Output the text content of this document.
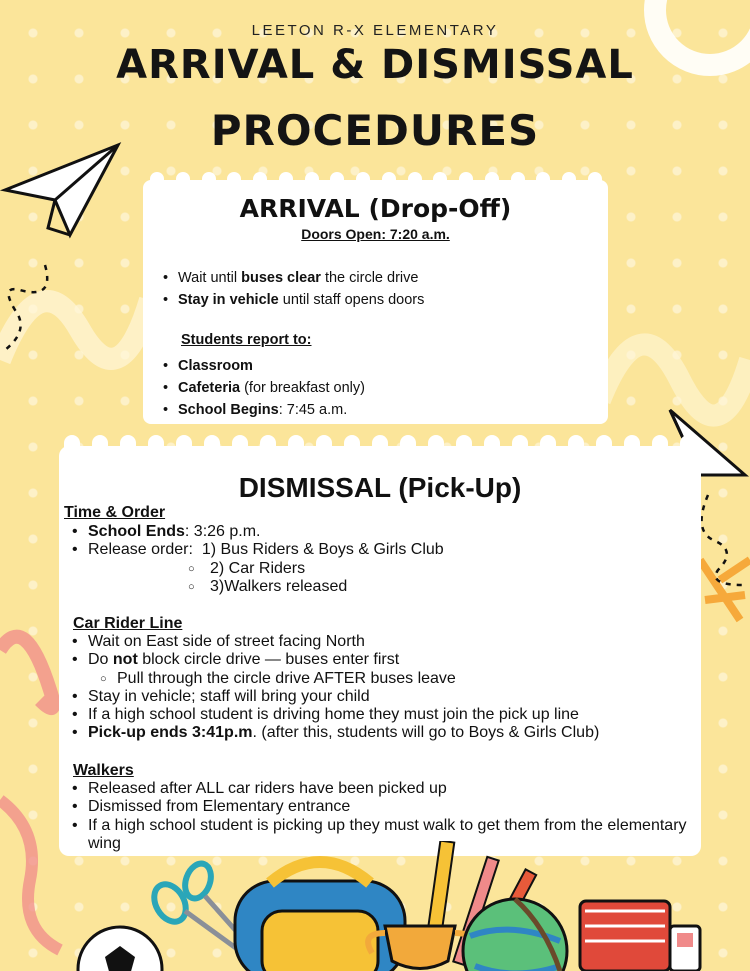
LEETON R-X ELEMENTARY
ARRIVAL & DISMISSAL
PROCEDURES
ARRIVAL (Drop-Off)
Doors Open: 7:20 a.m.
• Wait until buses clear the circle drive
• Stay in vehicle until staff opens doors
Students report to:
• Classroom
• Cafeteria (for breakfast only)
• School Begins: 7:45 a.m.
DISMISSAL (Pick-Up)
Time & Order
• School Ends: 3:26 p.m.
• Release order:  1) Bus Riders & Boys & Girls Club
○ 2) Car Riders
○ 3)Walkers released
Car Rider Line
• Wait on East side of street facing North
• Do not block circle drive — buses enter first
○ Pull through the circle drive AFTER buses leave
• Stay in vehicle; staff will bring your child
• If a high school student is driving home they must join the pick up line
• Pick-up ends 3:41p.m. (after this, students will go to Boys & Girls Club)
Walkers
• Released after ALL car riders have been picked up
• Dismissed from Elementary entrance
• If a high school student is picking up they must walk to get them from the elementary wing
